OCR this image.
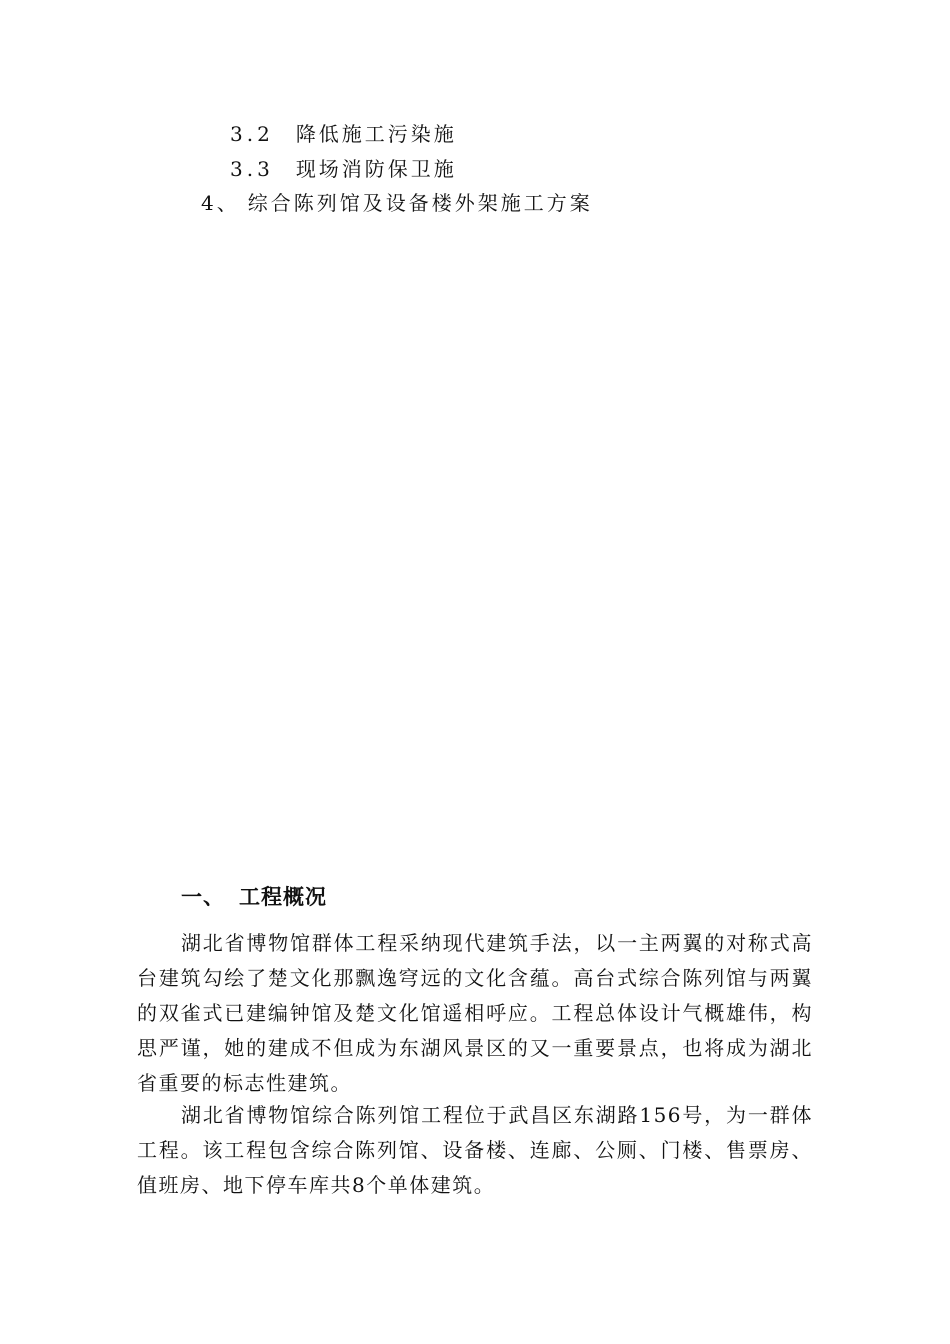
3.2 降低施工污染施
3.3 现场消防保卫施
4、 综合陈列馆及设备楼外架施工方案
一、 工程概况

湖北省博物馆群体工程采纳现代建筑手法，以一主两翼的对称式高台建筑勾绘了楚文化那飘逸穹远的文化含蕴。高台式综合陈列馆与两翼的双雀式已建编钟馆及楚文化馆遥相呼应。工程总体设计气概雄伟，构思严谨，她的建成不但成为东湖风景区的又一重要景点，也将成为湖北省重要的标志性建筑。

湖北省博物馆综合陈列馆工程位于武昌区东湖路156号，为一群体工程。该工程包含综合陈列馆、设备楼、连廊、公厕、门楼、售票房、值班房、地下停车库共8个单体建筑。
